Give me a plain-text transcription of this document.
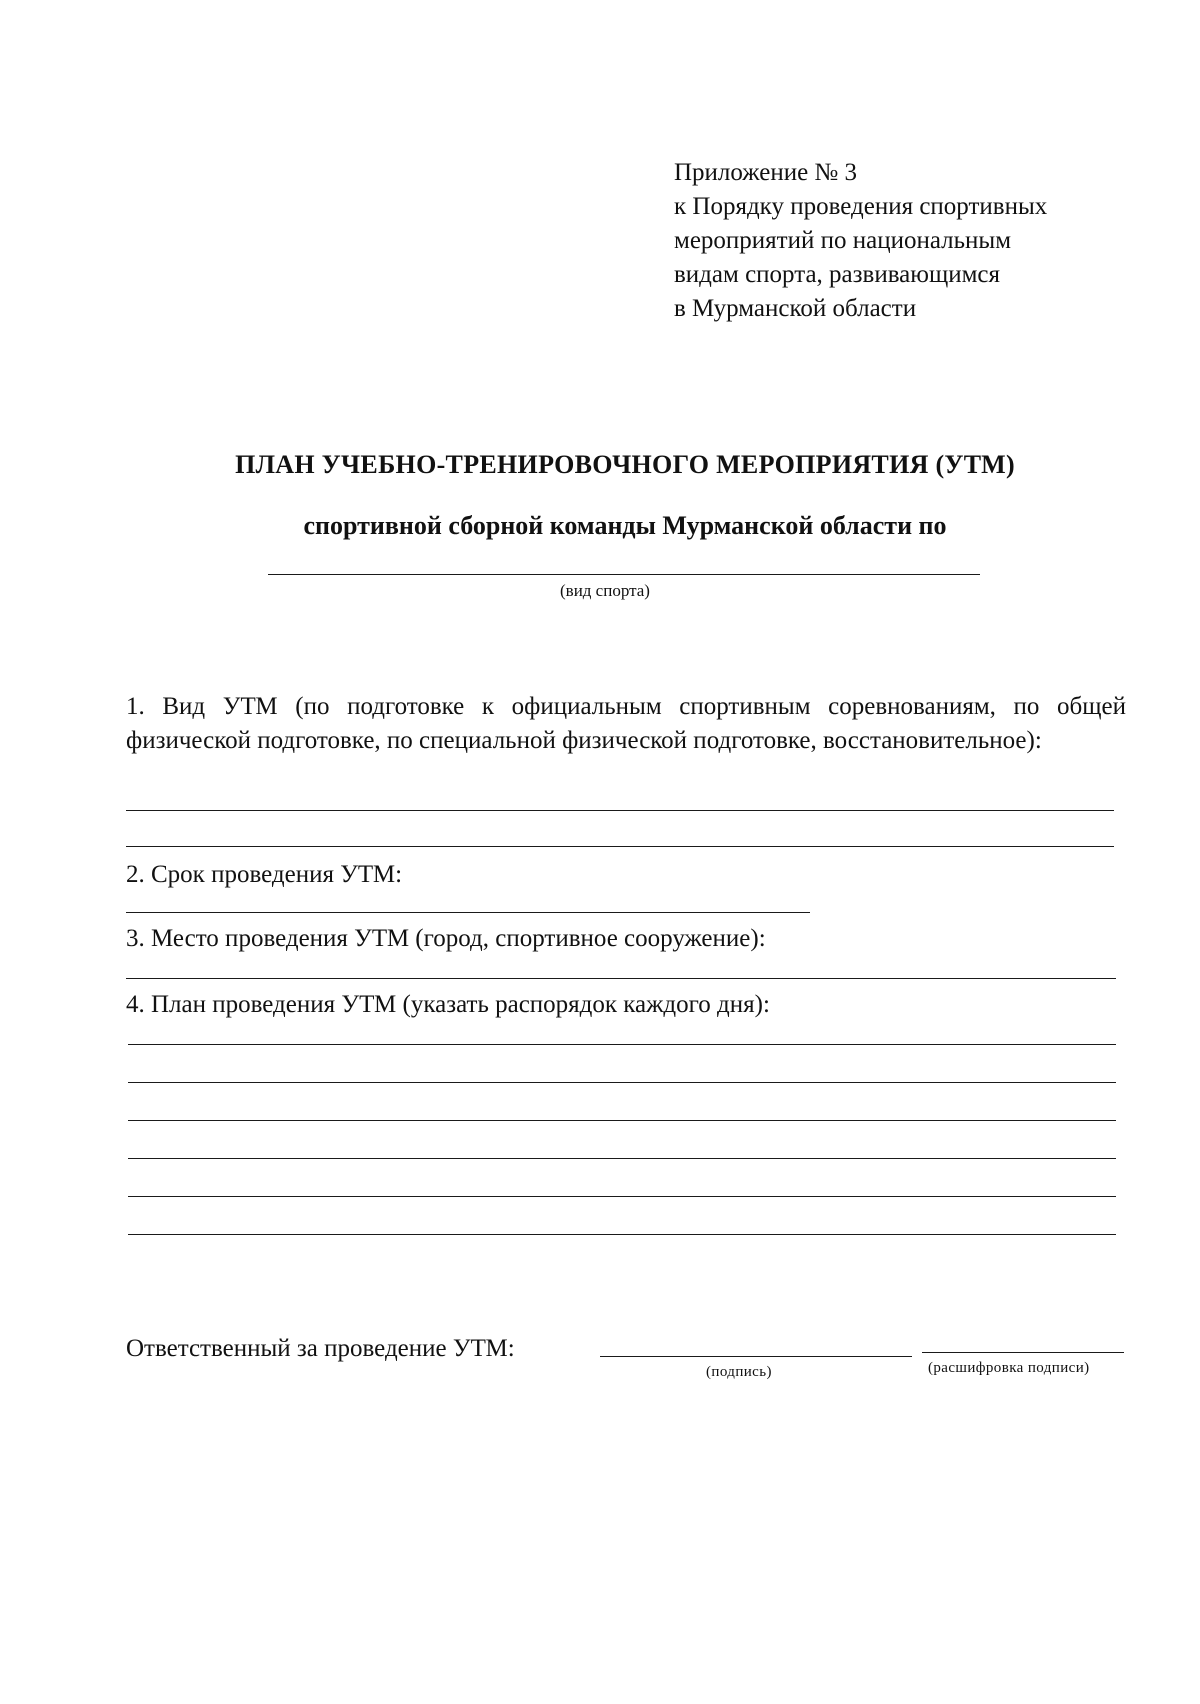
Приложение № 3
к Порядку проведения спортивных
мероприятий по национальным
видам спорта, развивающимся
в Мурманской области
ПЛАН УЧЕБНО-ТРЕНИРОВОЧНОГО МЕРОПРИЯТИЯ (УТМ)
спортивной сборной команды Мурманской области по
(вид спорта)
1. Вид УТМ (по подготовке к официальным спортивным соревнованиям, по общей физической подготовке, по специальной физической подготовке, восстановительное):
2. Срок проведения УТМ:
3. Место проведения УТМ (город, спортивное сооружение):
4. План проведения УТМ (указать распорядок каждого дня):
Ответственный за проведение УТМ:
(подпись)	(расшифровка подписи)
